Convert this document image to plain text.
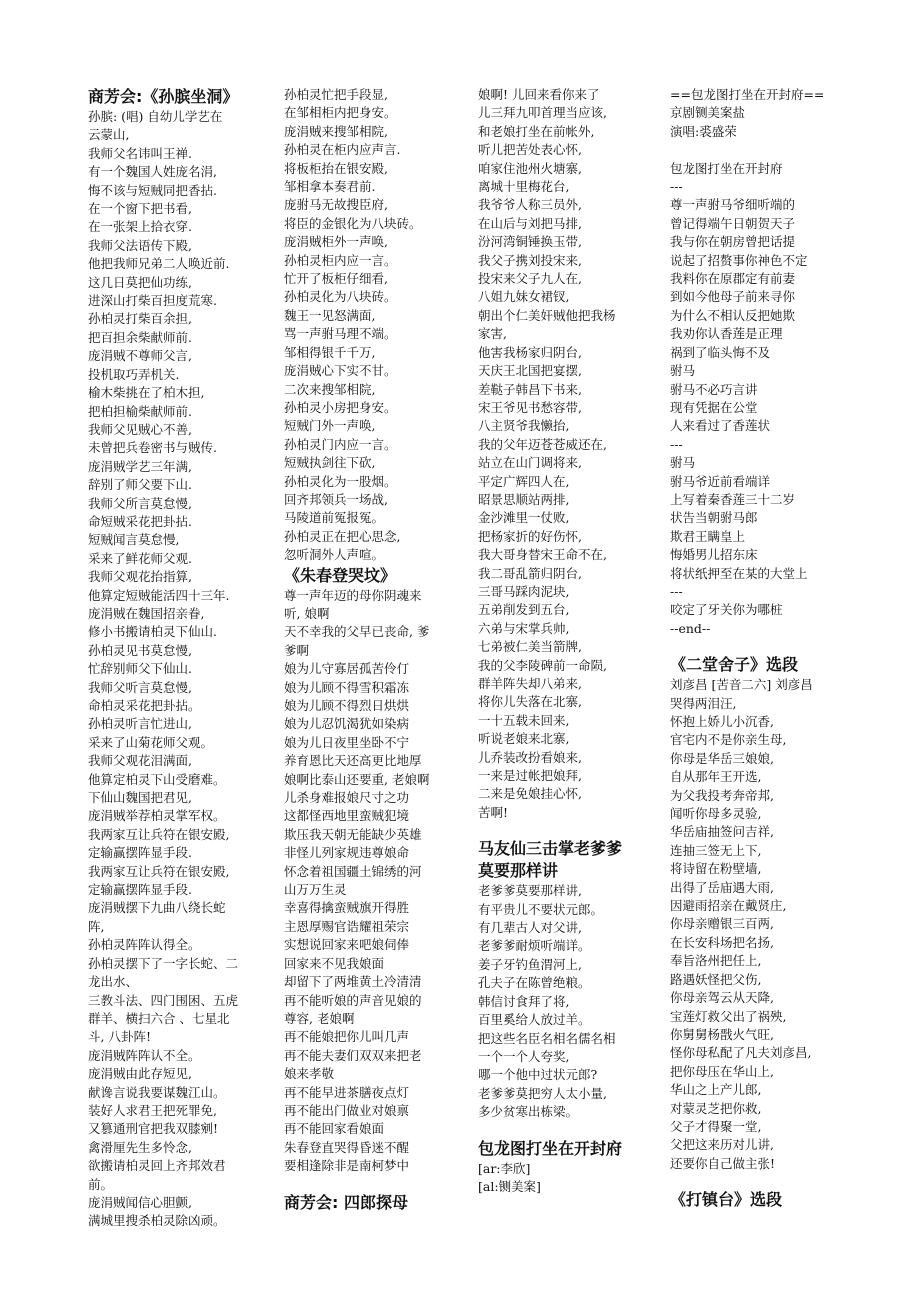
商芳会:《孙膑坐洞》
孙膑: (唱) 自幼儿学艺在
云蒙山,
我师父名讳叫王禅.
有一个魏国人姓庞名涓,
悔不该与短贼同把香拈.
在一个窗下把书看,
在一张架上拾衣穿.
我师父法语传下殿,
他把我师兄弟二人唤近前.
这几日莫把仙功练,
进深山打柴百担度荒寒.
孙柏灵打柴百余担,
把百担余柴献师前.
庞涓贼不尊师父言,
投机取巧弄机关.
榆木柴挑在了柏木担,
把柏担榆柴献师前.
我师父见贼心不善,
未曾把兵卷密书与贼传.
庞涓贼学艺三年满,
辞别了师父要下山.
我师父所言莫怠慢,
命短贼采花把卦拈.
短贼闻言莫怠慢,
采来了鲜花师父观.
我师父观花抬指算,
他算定短贼能活四十三年.
庞涓贼在魏国招亲眷,
修小书搬请柏灵下仙山.
孙柏灵见书莫怠慢,
忙辞别师父下仙山.
我师父听言莫怠慢,
命柏灵采花把卦拈。
孙柏灵听言忙进山,
采来了山菊花师父观。
我师父观花泪满面,
他算定柏灵下山受磨难。
下仙山魏国把君见,
庞涓贼举荐柏灵掌军权。
我两家互让兵符在银安殿,
定输赢摆阵显手段.
我两家互让兵符在银安殿,
定输赢摆阵显手段.
庞涓贼摆下九曲八绕长蛇
阵,
孙柏灵阵阵认得全。
孙柏灵摆下了一字长蛇、二
龙出水、
三教斗法、四门围困、五虎
群羊、横扫六合 、七星北
斗, 八卦阵!
庞涓贼阵阵认不全。
庞涓贼由此存短见,
献谗言说我要谋魏江山。
装好人求君王把死罪免,
又篡通刑官把我双膝剜!
禽滑厘先生多怜念,
欲搬请柏灵回上齐邦效君
前。
庞涓贼闻信心胆颤,
满城里搜杀柏灵除凶顽。
孙柏灵忙把手段显,
在邹相柜内把身安。
庞涓贼来搜邹相院,
孙柏灵在柜内应声言.
将板柜抬在银安殿,
邹相拿本奏君前.
庞驸马无故搜臣府,
将臣的金银化为八块砖。
庞涓贼柜外一声唤,
孙柏灵柜内应一言。
忙开了板柜仔细看,
孙柏灵化为八块砖。
魏王一见怒满面,
骂一声驸马理不端。
邹相得银千千万,
庞涓贼心下实不甘。
二次来搜邹相院,
孙柏灵小房把身安。
短贼门外一声唤,
孙柏灵门内应一言。
短贼执剑往下砍,
孙柏灵化为一股烟。
回齐邦领兵一场战,
马陵道前冤报冤。
孙柏灵正在把心思念,
忽听洞外人声喧。
《朱春登哭坟》
尊一声年迈的母你阴魂来
听, 娘啊
天不幸我的父早已丧命, 爹
爹啊
娘为儿守寡居孤苦伶仃
娘为儿顾不得雪积霜冻
娘为儿顾不得烈日烘烘
娘为儿忍饥渴犹如染病
娘为儿日夜里坐卧不宁
养育恩比天还高更比地厚
娘啊比泰山还要重, 老娘啊
儿杀身难报娘尺寸之功
这都怪西地里蛮贼犯境
欺压我天朝无能缺少英雄
非怪儿列家规违尊娘命
怀念着祖国疆土锦绣的河
山万万生灵
幸喜得擒蛮贼旗开得胜
主恩厚赐官诰耀祖荣宗
实想说回家来吧娘伺俸
回家来不见我娘面
却留下了两堆黄土冷清清
再不能听娘的声音见娘的
尊容, 老娘啊
再不能娘把你儿叫几声
再不能夫妻们双双来把老
娘来孝敬
再不能早进茶膳夜点灯
再不能出门做业对娘禀
再不能回家看娘面
朱春登直哭得昏迷不醒
要相逢除非是南柯梦中
商芳会: 四郎探母
娘啊! 儿回来看你来了
儿三拜九叩首理当应该,
和老娘打坐在前帐外,
听儿把苦处表心怀,
咱家住池州火塘寨,
离城十里梅花台,
我爷爷人称三员外,
在山后与刘把马排,
汾河湾铜锤换玉带,
我父子携刘投宋来,
投宋来父子九人在,
八姐九妹女裙钗,
朝出个仁美奸贼他把我杨
家害,
他害我杨家归阴台,
天庆王北国把宴摆,
差鞑子韩昌下书来,
宋王爷见书愁容带,
八主贤爷我懒抬,
我的父年迈苍苍威还在,
站立在山门调将来,
平定广辉四人在,
昭景思顺站两排,
金沙滩里一仗败,
把杨家折的好伤怀,
我大哥身替宋王命不在,
我二哥乱箭归阴台,
三哥马踩肉泥块,
五弟削发到五台,
六弟与宋掌兵帅,
七弟被仁美当箭牌,
我的父李陵碑前一命陨,
群羊阵失却八弟来,
将你儿失落在北寨,
一十五载未回来,
听说老娘来北寨,
儿乔装改扮看娘来,
一来是过帐把娘拜,
二来是免娘挂心怀,
苦啊!
马友仙三击掌老爹爹
莫要那样讲
老爹爹莫要那样讲,
有平贵儿不要状元郎。
有几辈古人对父讲,
老爹爹耐烦听端详。
姜子牙钓鱼渭河上,
孔夫子在陈曾绝粮。
韩信讨食拜了将,
百里奚给人放过羊。
把这些名臣名相名儒名相
一个一个人夸奖,
哪一个他中过状元郎?
老爹爹莫把穷人太小量,
多少贫寒出栋梁。
包龙图打坐在开封府
[ar:李欣]
[al:铡美案]
==包龙图打坐在开封府==
京剧铡美案盐
演唱:裘盛荣

包龙图打坐在开封府
---
尊一声驸马爷细听端的
曾记得端午日朝贺天子
我与你在朝房曾把话提
说起了招赘事你神色不定
我料你在原郡定有前妻
到如今他母子前来寻你
为什么不相认反把她欺
我劝你认香莲是正理
祸到了临头悔不及
驸马
驸马不必巧言讲
现有凭据在公堂
人来看过了香莲状
---
驸马
驸马爷近前看端详
上写着秦香莲三十二岁
状告当朝驸马郎
欺君王瞒皇上
悔婚男儿招东床
将状纸押至在某的大堂上
---
咬定了牙关你为哪桩
--end--
《二堂舍子》选段
刘彦昌 [苦音二六] 刘彦昌
哭得两泪汪,
怀抱上娇儿小沉香,
官宅内不是你亲生母,
你母是华岳三娘娘,
自从那年王开选,
为父我投考奔帝邦,
闻听你母多灵验,
华岳庙抽签问吉祥,
连抽三签无上下,
将诗留在粉壁墙,
出得了岳庙遇大雨,
因避雨招亲在戴贤庄,
你母亲赠银三百两,
在长安科场把名扬,
奉旨洛州把任上,
路遇妖怪把父伤,
你母亲驾云从天降,
宝莲灯救父出了祸殃,
你舅舅杨戬火气旺,
怪你母私配了凡夫刘彦昌,
把你母压在华山上,
华山之上产儿郎,
对蒙灵芝把你救,
父子才得聚一堂,
父把这来历对儿讲,
还要你自己做主张!
《打镇台》选段
